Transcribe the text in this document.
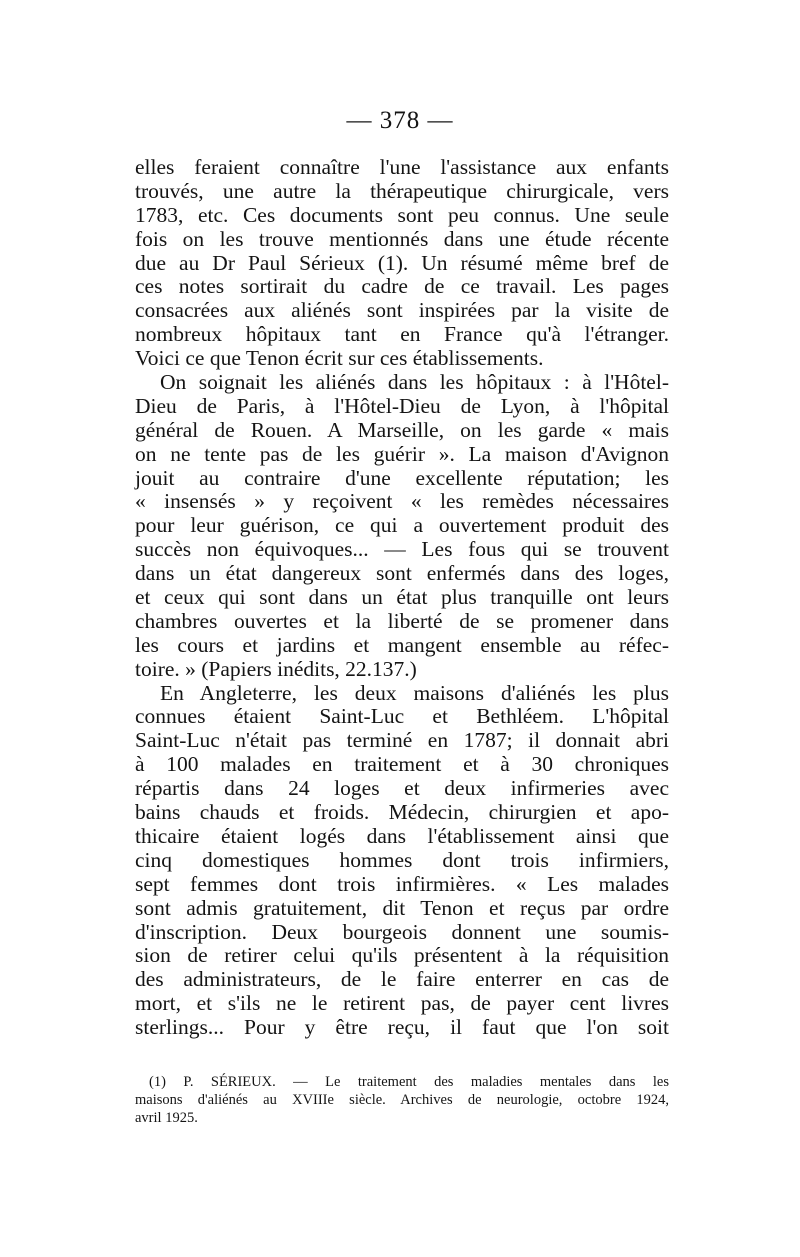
— 378 —
elles feraient connaître l'une l'assistance aux enfants
trouvés, une autre la thérapeutique chirurgicale, vers
1783, etc. Ces documents sont peu connus. Une seule
fois on les trouve mentionnés dans une étude récente
due au Dr Paul Sérieux (1). Un résumé même bref de
ces notes sortirait du cadre de ce travail. Les pages
consacrées aux aliénés sont inspirées par la visite de
nombreux hôpitaux tant en France qu'à l'étranger.
Voici ce que Tenon écrit sur ces établissements.
On soignait les aliénés dans les hôpitaux : à l'Hôtel-
Dieu de Paris, à l'Hôtel-Dieu de Lyon, à l'hôpital
général de Rouen. A Marseille, on les garde « mais
on ne tente pas de les guérir ». La maison d'Avignon
jouit au contraire d'une excellente réputation; les
« insensés » y reçoivent « les remèdes nécessaires
pour leur guérison, ce qui a ouvertement produit des
succès non équivoques... — Les fous qui se trouvent
dans un état dangereux sont enfermés dans des loges,
et ceux qui sont dans un état plus tranquille ont leurs
chambres ouvertes et la liberté de se promener dans
les cours et jardins et mangent ensemble au réfec-
toire. » (Papiers inédits, 22.137.)
En Angleterre, les deux maisons d'aliénés les plus
connues étaient Saint-Luc et Bethléem. L'hôpital
Saint-Luc n'était pas terminé en 1787; il donnait abri
à 100 malades en traitement et à 30 chroniques
répartis dans 24 loges et deux infirmeries avec
bains chauds et froids. Médecin, chirurgien et apo-
thicaire étaient logés dans l'établissement ainsi que
cinq domestiques hommes dont trois infirmiers,
sept femmes dont trois infirmières. « Les malades
sont admis gratuitement, dit Tenon et reçus par ordre
d'inscription. Deux bourgeois donnent une soumis-
sion de retirer celui qu'ils présentent à la réquisition
des administrateurs, de le faire enterrer en cas de
mort, et s'ils ne le retirent pas, de payer cent livres
sterlings... Pour y être reçu, il faut que l'on soit
(1) P. SÉRIEUX. — Le traitement des maladies mentales dans les
maisons d'aliénés au XVIIIe siècle. Archives de neurologie, octobre 1924,
avril 1925.
